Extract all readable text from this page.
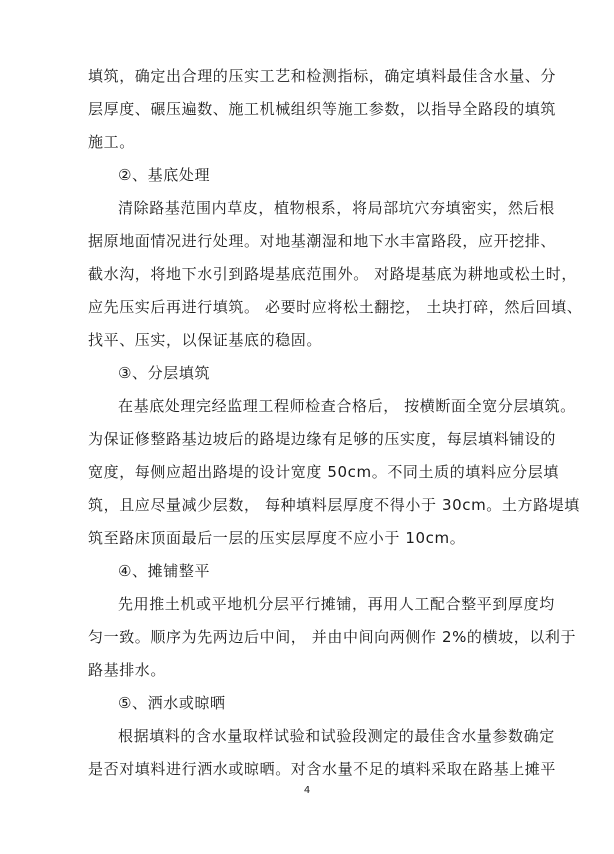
填筑，确定出合理的压实工艺和检测指标，确定填料最佳含水量、分
层厚度、碾压遍数、施工机械组织等施工参数，以指导全路段的填筑
施工。
②、基底处理
清除路基范围内草皮，植物根系，将局部坑穴夯填密实，然后根
据原地面情况进行处理。对地基潮湿和地下水丰富路段，应开挖排、
截水沟，将地下水引到路堤基底范围外。 对路堤基底为耕地或松土时，
应先压实后再进行填筑。 必要时应将松土翻挖， 土块打碎，然后回填、
找平、压实，以保证基底的稳固。
③、分层填筑
在基底处理完经监理工程师检查合格后， 按横断面全宽分层填筑。
为保证修整路基边坡后的路堤边缘有足够的压实度，每层填料铺设的
宽度，每侧应超出路堤的设计宽度 50cm。不同土质的填料应分层填
筑，且应尽量减少层数， 每种填料层厚度不得小于 30cm。土方路堤填
筑至路床顶面最后一层的压实层厚度不应小于 10cm。
④、摊铺整平
先用推土机或平地机分层平行摊铺，再用人工配合整平到厚度均
匀一致。顺序为先两边后中间， 并由中间向两侧作 2%的横坡，以利于
路基排水。
⑤、洒水或晾晒
根据填料的含水量取样试验和试验段测定的最佳含水量参数确定
是否对填料进行洒水或晾晒。对含水量不足的填料采取在路基上摊平
4
